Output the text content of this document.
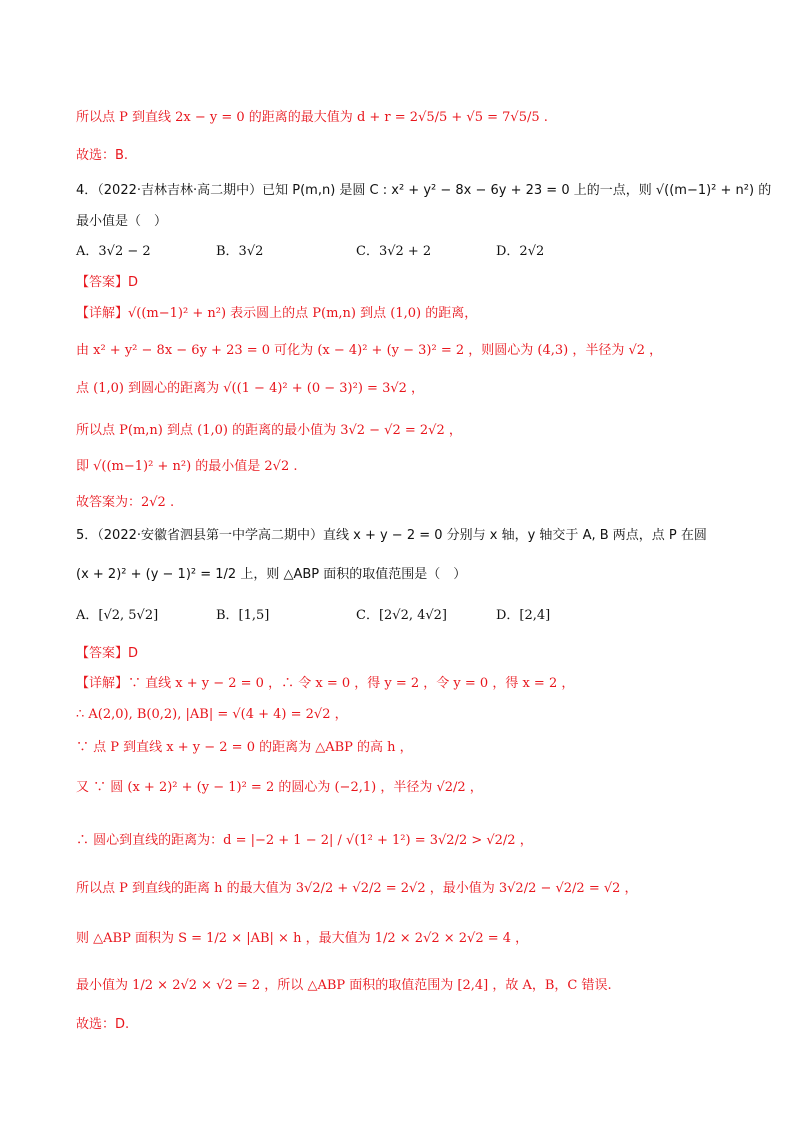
所以点 P 到直线 2x − y = 0 的距离的最大值为 d + r = 2√5/5 + √5 = 7√5/5 .
故选：B.
4．（2022·吉林吉林·高二期中）已知 P(m,n) 是圆 C : x² + y² − 8x − 6y + 23 = 0 上的一点，则 √((m−1)² + n²) 的
最小值是（　）
A．3√2 − 2	B．3√2	C．3√2 + 2	D．2√2
【答案】D
【详解】√((m−1)² + n²) 表示圆上的点 P(m,n) 到点 (1,0) 的距离，
由 x² + y² − 8x − 6y + 23 = 0 可化为 (x − 4)² + (y − 3)² = 2 ，则圆心为 (4,3) ，半径为 √2 ，
点 (1,0) 到圆心的距离为 √((1 − 4)² + (0 − 3)²) = 3√2 ，
所以点 P(m,n) 到点 (1,0) 的距离的最小值为 3√2 − √2 = 2√2 ，
即 √((m−1)² + n²) 的最小值是 2√2 .
故答案为：2√2 .
5．（2022·安徽省泗县第一中学高二期中）直线 x + y − 2 = 0 分别与 x 轴，y 轴交于 A, B 两点，点 P 在圆
(x + 2)² + (y − 1)² = 1/2 上，则 △ABP 面积的取值范围是（　）
A．[√2, 5√2]	B．[1,5]	C．[2√2, 4√2]	D．[2,4]
【答案】D
【详解】∵ 直线 x + y − 2 = 0 ，∴ 令 x = 0 ，得 y = 2 ，令 y = 0 ，得 x = 2 ，
∴ A(2,0), B(0,2), |AB| = √(4 + 4) = 2√2 ，
∵ 点 P 到直线 x + y − 2 = 0 的距离为 △ABP 的高 h ，
又 ∵ 圆 (x + 2)² + (y − 1)² = 2 的圆心为 (−2,1) ，半径为 √2/2 ，
∴ 圆心到直线的距离为：d = |−2 + 1 − 2| / √(1² + 1²) = 3√2/2 > √2/2 ，
所以点 P 到直线的距离 h 的最大值为 3√2/2 + √2/2 = 2√2 ，最小值为 3√2/2 − √2/2 = √2 ，
则 △ABP 面积为 S = 1/2 × |AB| × h ，最大值为 1/2 × 2√2 × 2√2 = 4 ，
最小值为 1/2 × 2√2 × √2 = 2 ，所以 △ABP 面积的取值范围为 [2,4] ，故 A，B，C 错误.
故选：D.
